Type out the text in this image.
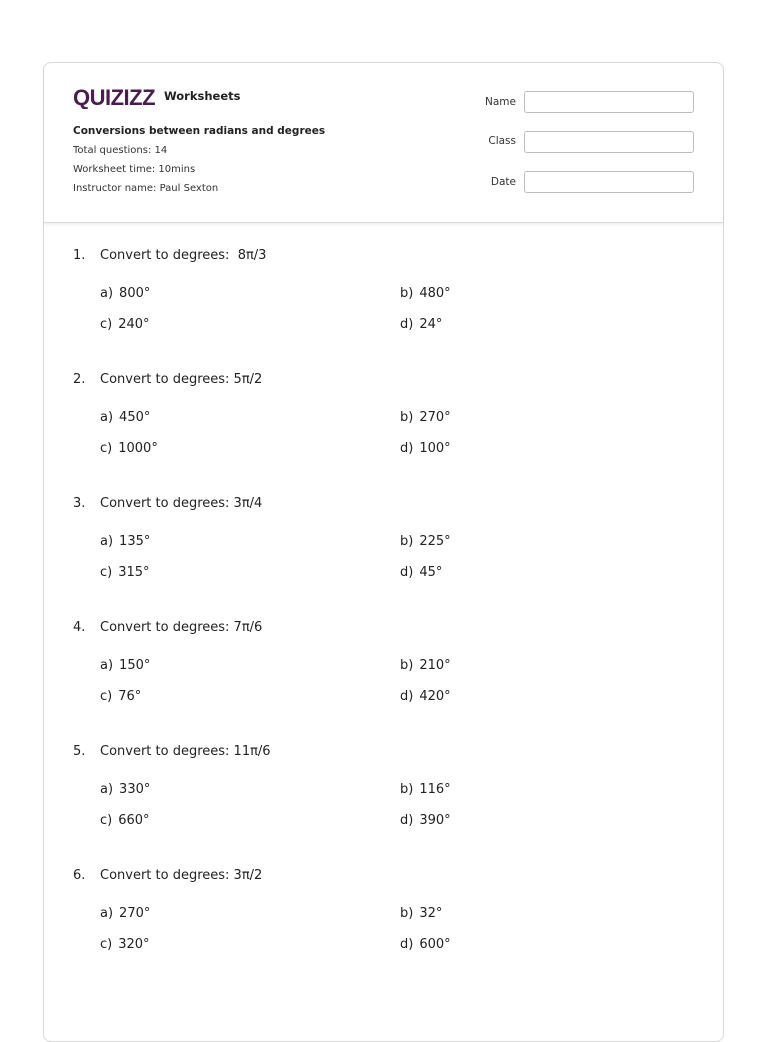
QUIZIZZ Worksheets
Conversions between radians and degrees
Total questions: 14
Worksheet time: 10mins
Instructor name: Paul Sexton
Name
Class
Date
1. Convert to degrees:  8π/3
a) 800°	b) 480°
c) 240°	d) 24°
2. Convert to degrees: 5π/2
a) 450°	b) 270°
c) 1000°	d) 100°
3. Convert to degrees: 3π/4
a) 135°	b) 225°
c) 315°	d) 45°
4. Convert to degrees: 7π/6
a) 150°	b) 210°
c) 76°	d) 420°
5. Convert to degrees: 11π/6
a) 330°	b) 116°
c) 660°	d) 390°
6. Convert to degrees: 3π/2
a) 270°	b) 32°
c) 320°	d) 600°
